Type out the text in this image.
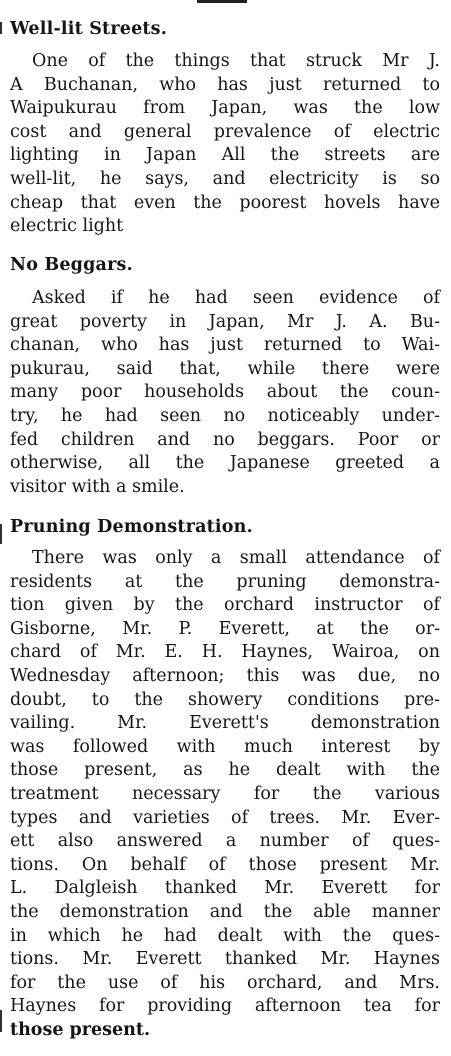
Well-lit Streets.
One of the things that struck Mr J.
A Buchanan, who has just returned to
Waipukurau from Japan, was the low
cost and general prevalence of electric
lighting in Japan All the streets are
well-lit, he says, and electricity is so
cheap that even the poorest hovels have
electric light
No Beggars.
Asked if he had seen evidence of
great poverty in Japan, Mr J. A. Bu-
chanan, who has just returned to Wai-
pukurau, said that, while there were
many poor households about the coun-
try, he had seen no noticeably under-
fed children and no beggars. Poor or
otherwise, all the Japanese greeted a
visitor with a smile.
Pruning Demonstration.
There was only a small attendance of
residents at the pruning demonstra-
tion given by the orchard instructor of
Gisborne, Mr. P. Everett, at the or-
chard of Mr. E. H. Haynes, Wairoa, on
Wednesday afternoon; this was due, no
doubt, to the showery conditions pre-
vailing. Mr. Everett's demonstration
was followed with much interest by
those present, as he dealt with the
treatment necessary for the various
types and varieties of trees. Mr. Ever-
ett also answered a number of ques-
tions. On behalf of those present Mr.
L. Dalgleish thanked Mr. Everett for
the demonstration and the able manner
in which he had dealt with the ques-
tions. Mr. Everett thanked Mr. Haynes
for the use of his orchard, and Mrs.
Haynes for providing afternoon tea for
those present.
